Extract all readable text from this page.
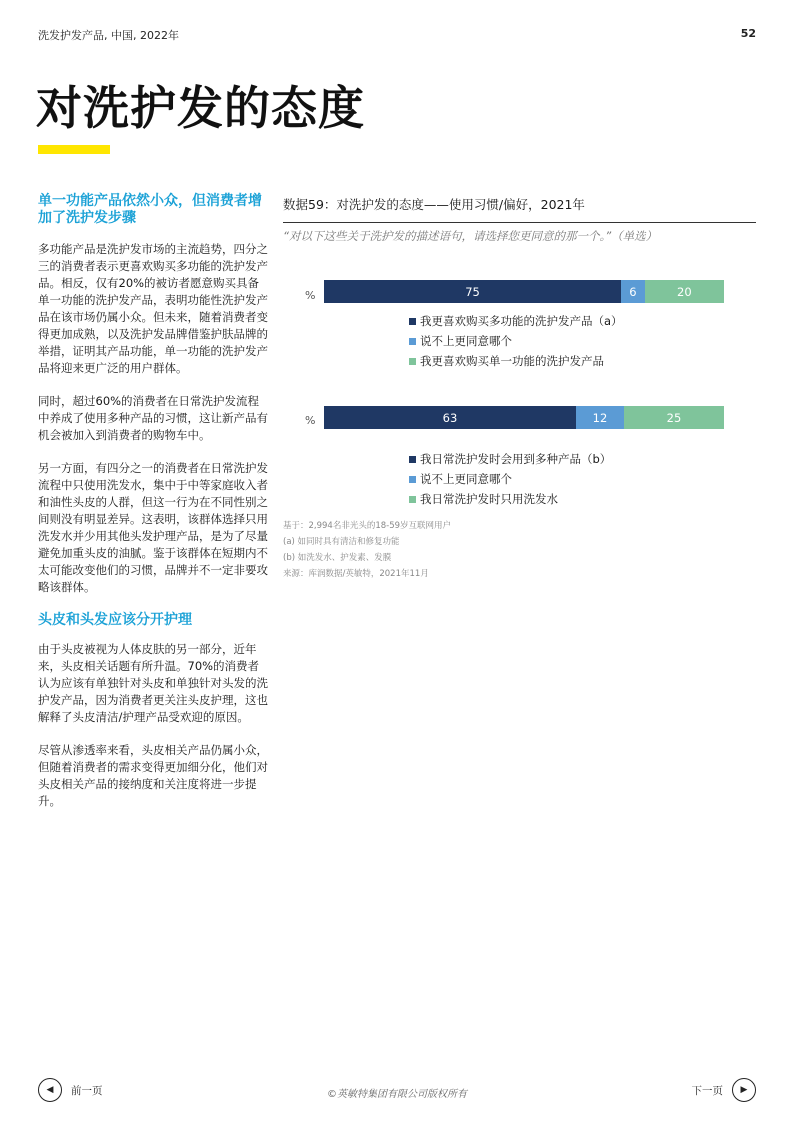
洗发护发产品, 中国, 2022年	52
对洗护发的态度
单一功能产品依然小众，但消费者增加了洗护发步骤

多功能产品是洗护发市场的主流趋势，四分之三的消费者表示更喜欢购买多功能的洗护发产品。相反，仅有20%的被访者愿意购买具备单一功能的洗护发产品，表明功能性洗护发产品在该市场仍属小众。但未来，随着消费者变得更加成熟，以及洗护发品牌借鉴护肤品牌的举措，证明其产品功能，单一功能的洗护发产品将迎来更广泛的用户群体。

同时，超过60%的消费者在日常洗护发流程中养成了使用多种产品的习惯，这让新产品有机会被加入到消费者的购物车中。

另一方面，有四分之一的消费者在日常洗护发流程中只使用洗发水，集中于中等家庭收入者和油性头皮的人群，但这一行为在不同性别之间则没有明显差异。这表明，该群体选择只用洗发水并少用其他头发护理产品，是为了尽量避免加重头皮的油腻。鉴于该群体在短期内不太可能改变他们的习惯，品牌并不一定非要攻略该群体。

头皮和头发应该分开护理

由于头皮被视为人体皮肤的另一部分，近年来，头皮相关话题有所升温。70%的消费者认为应该有单独针对头皮和单独针对头发的洗护发产品，因为消费者更关注头皮护理，这也解释了头皮清洁/护理产品受欢迎的原因。

尽管从渗透率来看，头皮相关产品仍属小众，但随着消费者的需求变得更加细分化，他们对头皮相关产品的接纳度和关注度将进一步提升。

数据59：对洗护发的态度——使用习惯/偏好，2021年
“对以下这些关于洗护发的描述语句，请选择您更同意的那一个。”（单选）
%	75	6	20
我更喜欢购买多功能的洗护发产品（a）
说不上更同意哪个
我更喜欢购买单一功能的洗护发产品
%	63	12	25
我日常洗护发时会用到多种产品（b）
说不上更同意哪个
我日常洗护发时只用洗发水
基于：2,994名非光头的18-59岁互联网用户
(a) 如同时具有清洁和修复功能
(b) 如洗发水、护发素、发膜
来源：库润数据/英敏特，2021年11月
◀	前一页	©英敏特集团有限公司版权所有	下一页	▶
